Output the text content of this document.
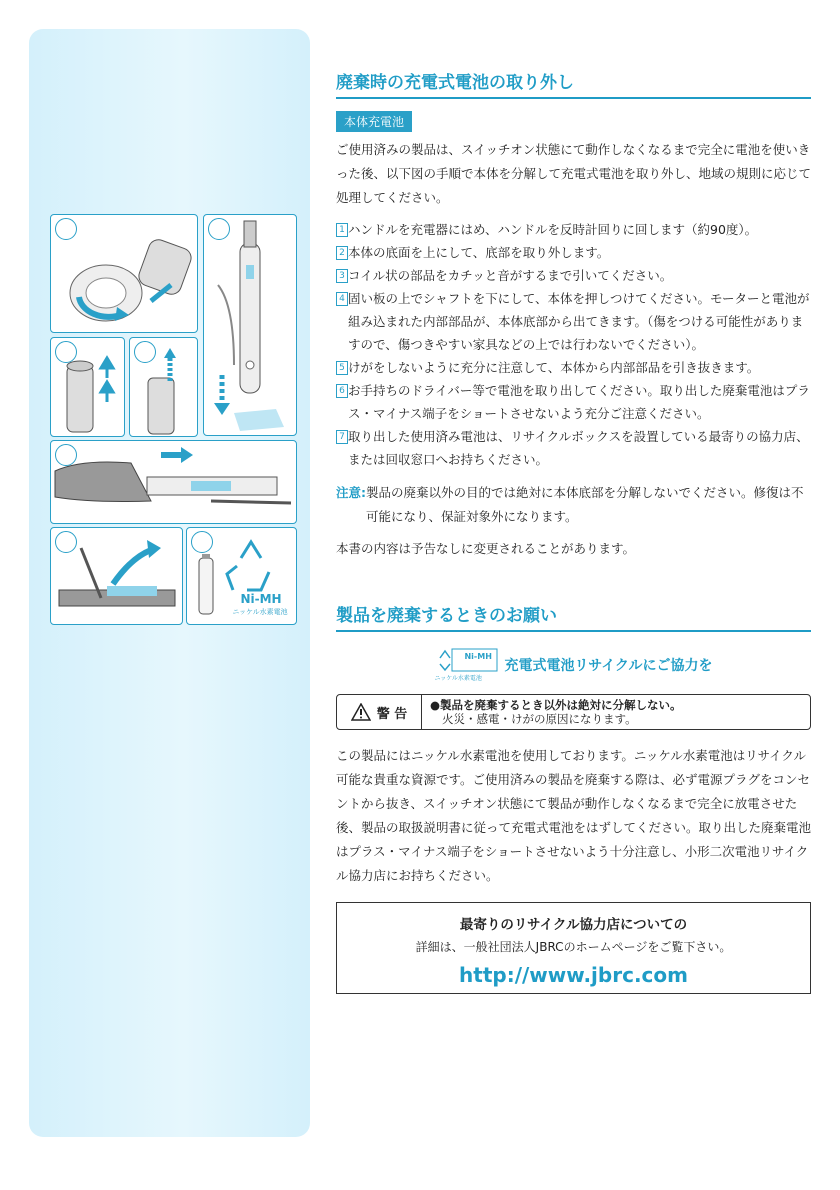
Ni-MH
ニッケル水素電池
廃棄時の充電式電池の取り外し
本体充電池

ご使用済みの製品は、スイッチオン状態にて動作しなくなるまで完全に電池を使いきった後、以下図の手順で本体を分解して充電式電池を取り外し、地域の規則に応じて処理してください。

1 ハンドルを充電器にはめ、ハンドルを反時計回りに回します（約90度）。
2 本体の底面を上にして、底部を取り外します。
3 コイル状の部品をカチッと音がするまで引いてください。
4 固い板の上でシャフトを下にして、本体を押しつけてください。モーターと電池が組み込まれた内部部品が、本体底部から出てきます。（傷をつける可能性がありますので、傷つきやすい家具などの上では行わないでください）。
5 けがをしないように充分に注意して、本体から内部部品を引き抜きます。
6 お手持ちのドライバー等で電池を取り出してください。取り出した廃棄電池はプラス・マイナス端子をショートさせないよう充分ご注意ください。
7 取り出した使用済み電池は、リサイクルボックスを設置している最寄りの協力店、または回収窓口へお持ちください。
注意: 製品の廃棄以外の目的では絶対に本体底部を分解しないでください。修復は不可能になり、保証対象外になります。

本書の内容は予告なしに変更されることがあります。

製品を廃棄するときのお願い
Ni-MH
ニッケル水素電池
充電式電池リサイクルにご協力を
警 告
●製品を廃棄するとき以外は絶対に分解しない。
火災・感電・けがの原因になります。

この製品にはニッケル水素電池を使用しております。ニッケル水素電池はリサイクル可能な貴重な資源です。ご使用済みの製品を廃棄する際は、必ず電源プラグをコンセントから抜き、スイッチオン状態にて製品が動作しなくなるまで完全に放電させた後、製品の取扱説明書に従って充電式電池をはずしてください。取り出した廃棄電池はプラス・マイナス端子をショートさせないよう十分注意し、小形二次電池リサイクル協力店にお持ちください。

最寄りのリサイクル協力店についての
詳細は、一般社団法人JBRCのホームページをご覧下さい。
http://www.jbrc.com
